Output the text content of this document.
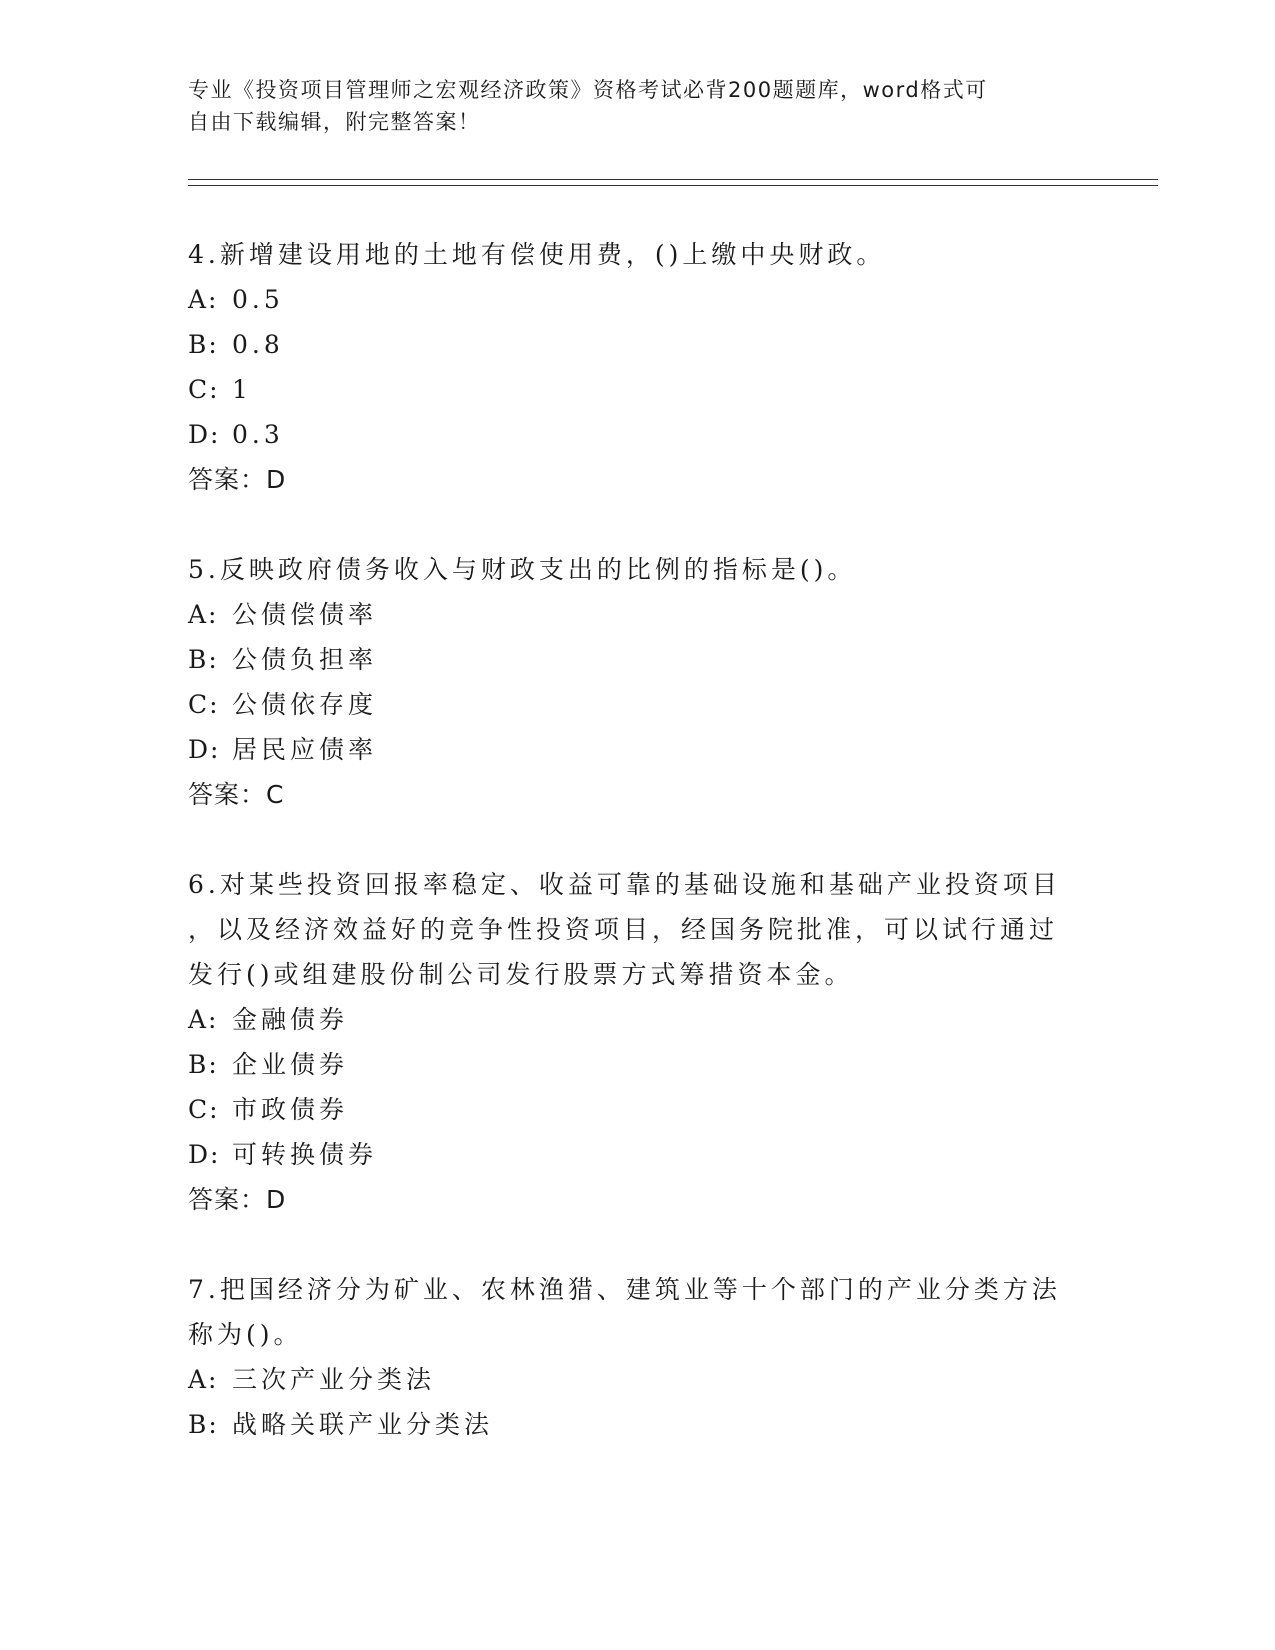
专业《投资项目管理师之宏观经济政策》资格考试必背200题题库，word格式可
自由下载编辑，附完整答案！
4.新增建设用地的土地有偿使用费，()上缴中央财政。
A: 0.5
B: 0.8
C: 1
D: 0.3
答案：D
5.反映政府债务收入与财政支出的比例的指标是()。
A: 公债偿债率
B: 公债负担率
C: 公债依存度
D: 居民应债率
答案：C
6.对某些投资回报率稳定、收益可靠的基础设施和基础产业投资项目
，以及经济效益好的竞争性投资项目，经国务院批准，可以试行通过
发行()或组建股份制公司发行股票方式筹措资本金。
A: 金融债券
B: 企业债券
C: 市政债券
D: 可转换债券
答案：D
7.把国经济分为矿业、农林渔猎、建筑业等十个部门的产业分类方法
称为()。
A: 三次产业分类法
B: 战略关联产业分类法
